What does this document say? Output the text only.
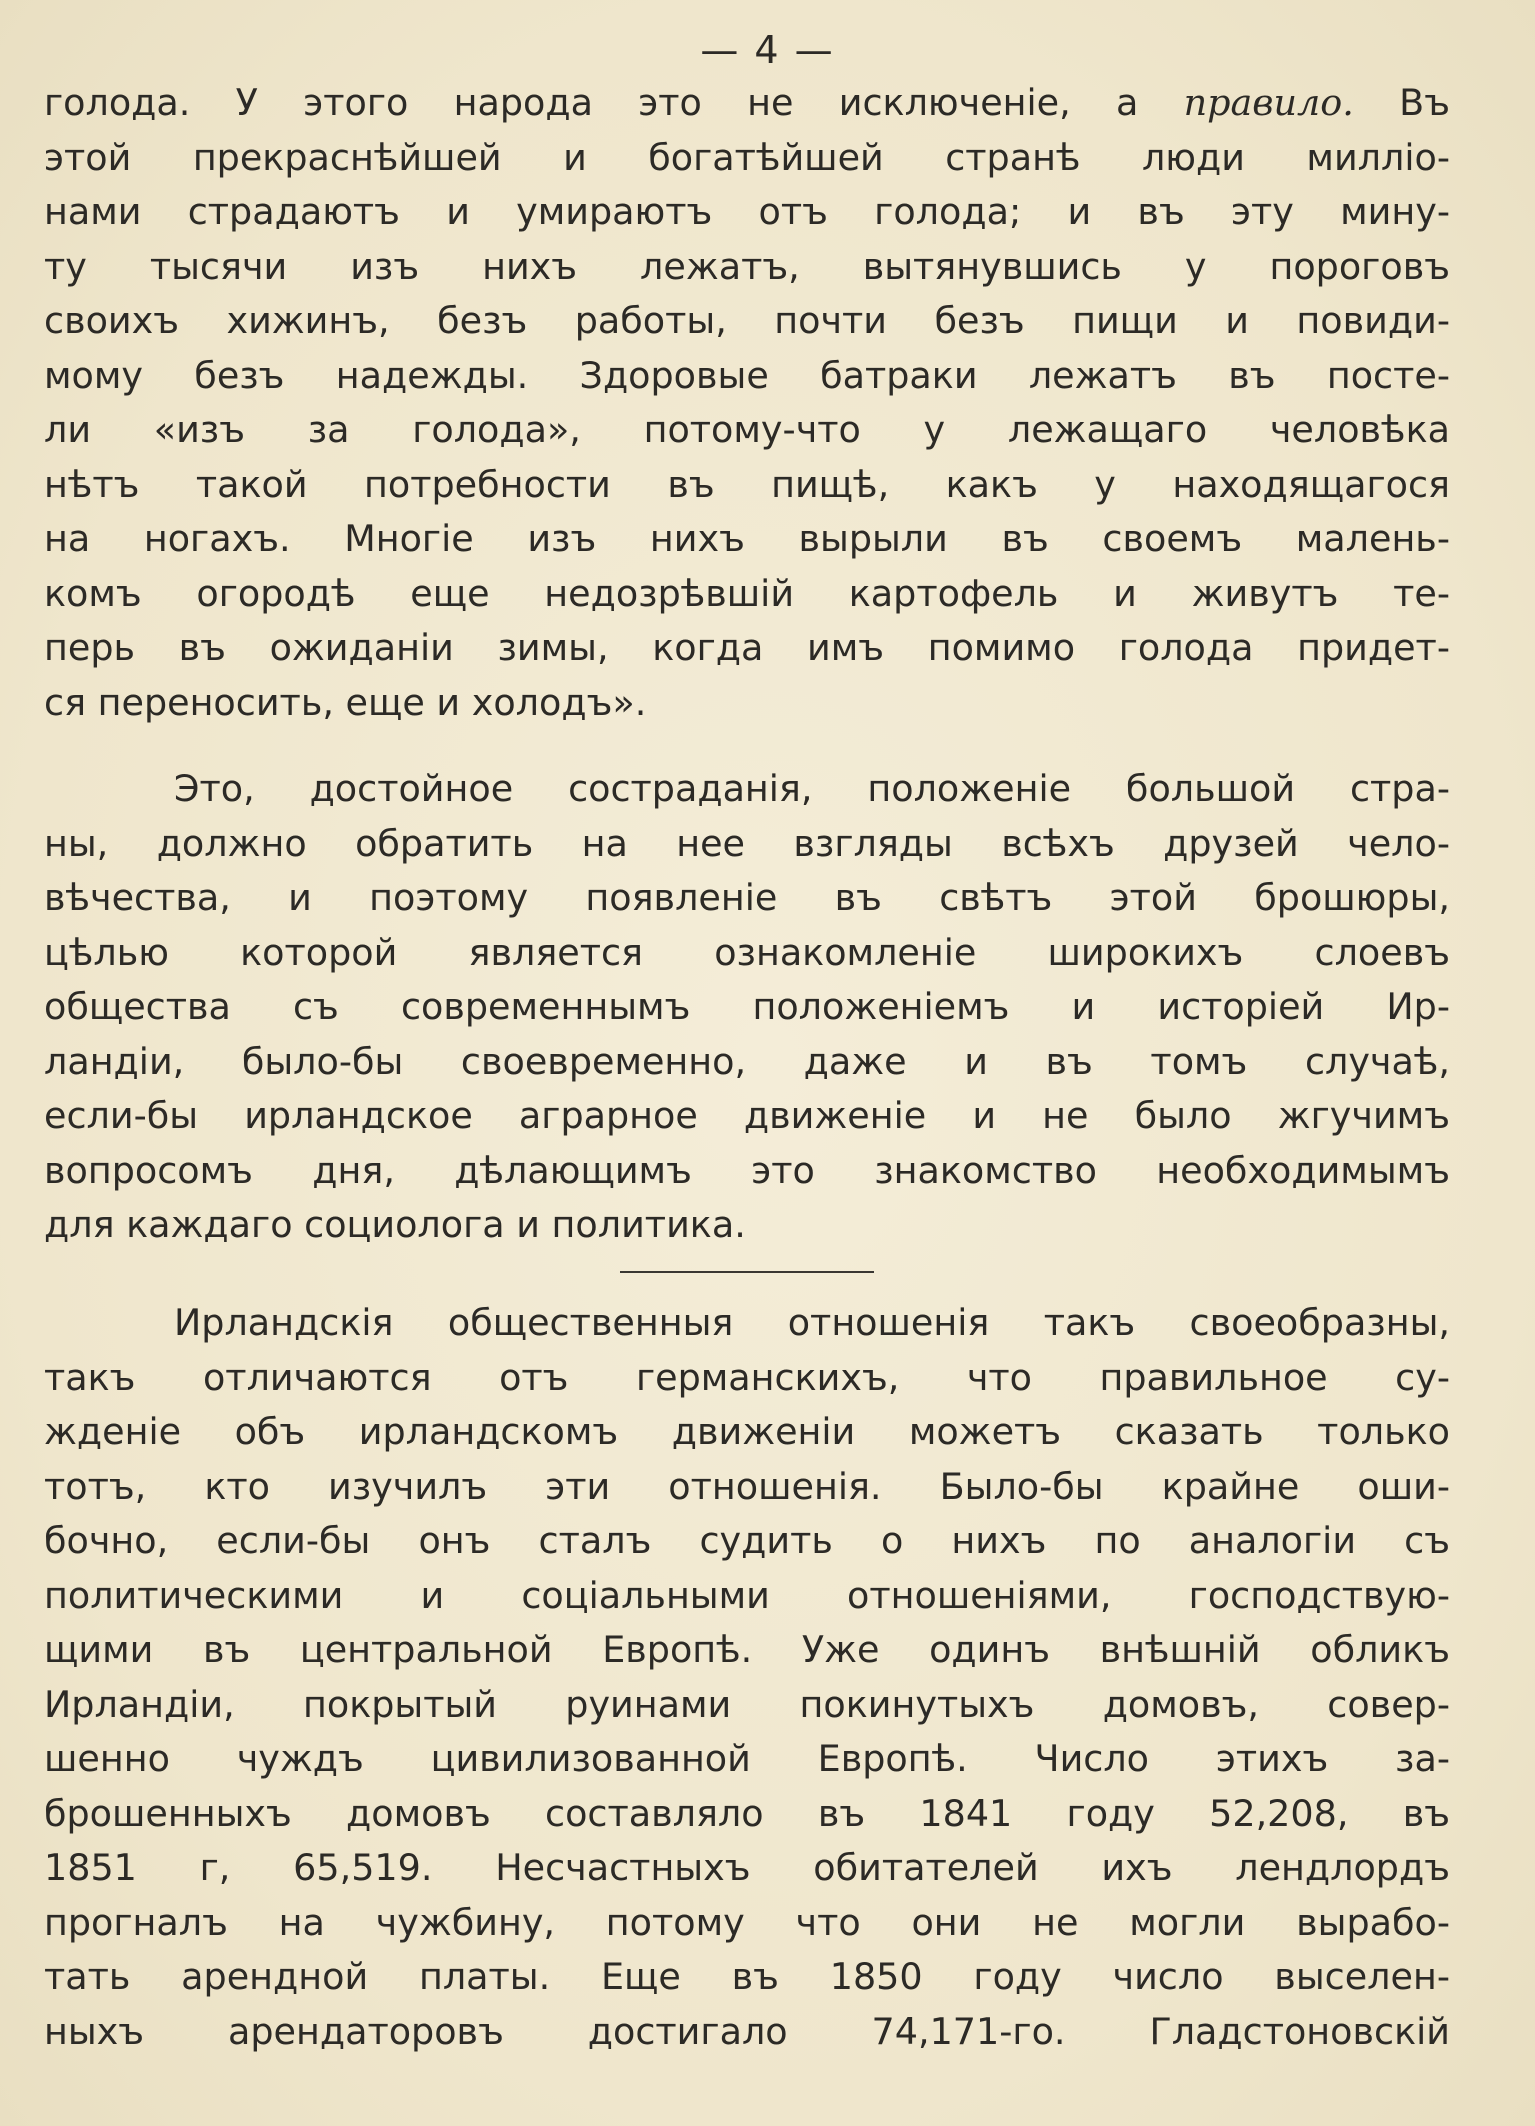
— 4 —
голода. У этого народа это не исключеніе, а правило. Въ
этой прекраснѣйшей и богатѣйшей странѣ люди милліо-
нами страдаютъ и умираютъ отъ голода; и въ эту мину-
ту тысячи изъ нихъ лежатъ, вытянувшись у пороговъ
своихъ хижинъ, безъ работы, почти безъ пищи и повиди-
мому безъ надежды. Здоровые батраки лежатъ въ посте-
ли «изъ за голода», потому-что у лежащаго человѣка
нѣтъ такой потребности въ пищѣ, какъ у находящагося
на ногахъ. Многіе изъ нихъ вырыли въ своемъ малень-
комъ огородѣ еще недозрѣвшій картофель и живутъ те-
перь въ ожиданіи зимы, когда имъ помимо голода придет-
ся переносить, еще и холодъ».
Это, достойное состраданія, положеніе большой стра-
ны, должно обратить на нее взгляды всѣхъ друзей чело-
вѣчества, и поэтому появленіе въ свѣтъ этой брошюры,
цѣлью которой является ознакомленіе широкихъ слоевъ
общества съ современнымъ положеніемъ и исторіей Ир-
ландіи, было-бы своевременно, даже и въ томъ случаѣ,
если-бы ирландское аграрное движеніе и не было жгучимъ
вопросомъ дня, дѣлающимъ это знакомство необходимымъ
для каждаго социолога и политика.
Ирландскія общественныя отношенія такъ своеобразны,
такъ отличаются отъ германскихъ, что правильное су-
жденіе объ ирландскомъ движеніи можетъ сказать только
тотъ, кто изучилъ эти отношенія. Было-бы крайне оши-
бочно, если-бы онъ сталъ судить о нихъ по аналогіи съ
политическими и соціальными отношеніями, господствую-
щими въ центральной Европѣ. Уже одинъ внѣшній обликъ
Ирландіи, покрытый руинами покинутыхъ домовъ, совер-
шенно чуждъ цивилизованной Европѣ. Число этихъ за-
брошенныхъ домовъ составляло въ 1841 году 52,208, въ
1851 г, 65,519. Несчастныхъ обитателей ихъ лендлордъ
прогналъ на чужбину, потому что они не могли вырабо-
тать арендной платы. Еще въ 1850 году число выселен-
ныхъ арендаторовъ достигало 74,171-го. Гладстоновскій
